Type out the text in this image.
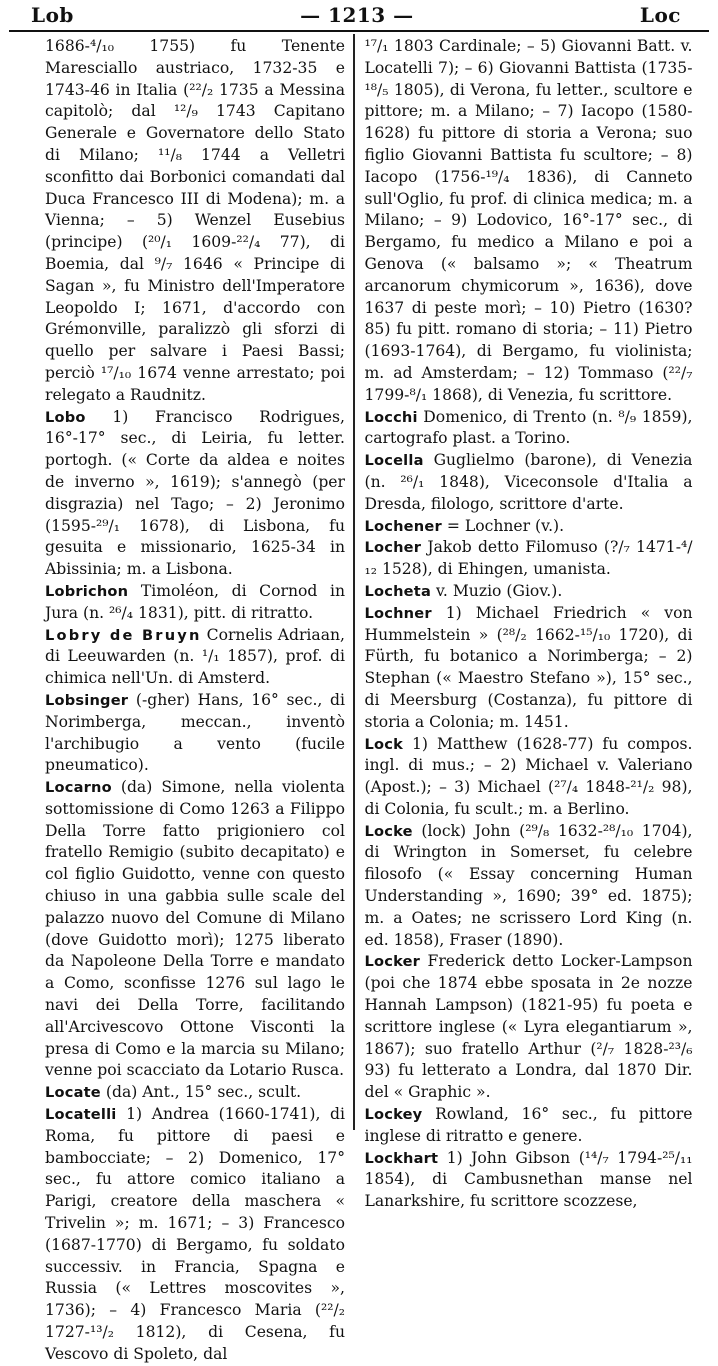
Lob	— 1213 —	Loc

1686-⁴/₁₀ 1755) fu Tenente Maresciallo austriaco, 1732-35 e 1743-46 in Italia (²²/₂ 1735 a Messina capitolò; dal ¹²/₉ 1743 Capitano Generale e Governatore dello Stato di Milano; ¹¹/₈ 1744 a Velletri sconfitto dai Borbonici comandati dal Duca Francesco III di Modena); m. a Vienna; – 5) Wenzel Eusebius (principe) (²⁰/₁ 1609-²²/₄ 77), di Boemia, dal ⁹/₇ 1646 « Principe di Sagan », fu Ministro dell'Imperatore Leopoldo I; 1671, d'accordo con Grémonville, paralizzò gli sforzi di quello per salvare i Paesi Bassi; perciò ¹⁷/₁₀ 1674 venne arrestato; poi relegato a Raudnitz.

Lobo 1) Francisco Rodrigues, 16°-17° sec., di Leiria, fu letter. portogh. (« Corte da aldea e noites de inverno », 1619); s'annegò (per disgrazia) nel Tago; – 2) Jeronimo (1595-²⁹/₁ 1678), di Lisbona, fu gesuita e missionario, 1625-34 in Abissinia; m. a Lisbona.

Lobrichon Timoléon, di Cornod in Jura (n. ²⁶/₄ 1831), pitt. di ritratto.

Lobry de Bruyn Cornelis Adriaan, di Leeuwarden (n. ¹/₁ 1857), prof. di chimica nell'Un. di Amsterd.

Lobsinger (-gher) Hans, 16° sec., di Norimberga, meccan., inventò l'archibugio a vento (fucile pneumatico).

Locarno (da) Simone, nella violenta sottomissione di Como 1263 a Filippo Della Torre fatto prigioniero col fratello Remigio (subito decapitato) e col figlio Guidotto, venne con questo chiuso in una gabbia sulle scale del palazzo nuovo del Comune di Milano (dove Guidotto morì); 1275 liberato da Napoleone Della Torre e mandato a Como, sconfisse 1276 sul lago le navi dei Della Torre, facilitando all'Arcivescovo Ottone Visconti la presa di Como e la marcia su Milano; venne poi scacciato da Lotario Rusca.

Locate (da) Ant., 15° sec., scult.

Locatelli 1) Andrea (1660-1741), di Roma, fu pittore di paesi e bambocciate; – 2) Domenico, 17° sec., fu attore comico italiano a Parigi, creatore della maschera « Trivelin »; m. 1671; – 3) Francesco (1687-1770) di Bergamo, fu soldato successiv. in Francia, Spagna e Russia (« Lettres moscovites », 1736); – 4) Francesco Maria (²²/₂ 1727-¹³/₂ 1812), di Cesena, fu Vescovo di Spoleto, dal

¹⁷/₁ 1803 Cardinale; – 5) Giovanni Batt. v. Locatelli 7); – 6) Giovanni Battista (1735-¹⁸/₅ 1805), di Verona, fu letter., scultore e pittore; m. a Milano; – 7) Iacopo (1580-1628) fu pittore di storia a Verona; suo figlio Giovanni Battista fu scultore; – 8) Iacopo (1756-¹⁹/₄ 1836), di Canneto sull'Oglio, fu prof. di clinica medica; m. a Milano; – 9) Lodovico, 16°-17° sec., di Bergamo, fu medico a Milano e poi a Genova (« balsamo »; « Theatrum arcanorum chymicorum », 1636), dove 1637 di peste morì; – 10) Pietro (1630? 85) fu pitt. romano di storia; – 11) Pietro (1693-1764), di Bergamo, fu violinista; m. ad Amsterdam; – 12) Tommaso (²²/₇ 1799-⁸/₁ 1868), di Venezia, fu scrittore.

Locchi Domenico, di Trento (n. ⁸/₉ 1859), cartografo plast. a Torino.

Locella Guglielmo (barone), di Venezia (n. ²⁶/₁ 1848), Viceconsole d'Italia a Dresda, filologo, scrittore d'arte.

Lochener = Lochner (v.).

Locher Jakob detto Filomuso (?/₇ 1471-⁴/₁₂ 1528), di Ehingen, umanista.

Locheta v. Muzio (Giov.).

Lochner 1) Michael Friedrich « von Hummelstein » (²⁸/₂ 1662-¹⁵/₁₀ 1720), di Fürth, fu botanico a Norimberga; – 2) Stephan (« Maestro Stefano »), 15° sec., di Meersburg (Costanza), fu pittore di storia a Colonia; m. 1451.

Lock 1) Matthew (1628-77) fu compos. ingl. di mus.; – 2) Michael v. Valeriano (Apost.); – 3) Michael (²⁷/₄ 1848-²¹/₂ 98), di Colonia, fu scult.; m. a Berlino.

Locke (lock) John (²⁹/₈ 1632-²⁸/₁₀ 1704), di Wrington in Somerset, fu celebre filosofo (« Essay concerning Human Understanding », 1690; 39° ed. 1875); m. a Oates; ne scrissero Lord King (n. ed. 1858), Fraser (1890).

Locker Frederick detto Locker-Lampson (poi che 1874 ebbe sposata in 2e nozze Hannah Lampson) (1821-95) fu poeta e scrittore inglese (« Lyra elegantiarum », 1867); suo fratello Arthur (²/₇ 1828-²³/₆ 93) fu letterato a Londra, dal 1870 Dir. del « Graphic ».

Lockey Rowland, 16° sec., fu pittore inglese di ritratto e genere.

Lockhart 1) John Gibson (¹⁴/₇ 1794-²⁵/₁₁ 1854), di Cambusnethan manse nel Lanarkshire, fu scrittore scozzese,
